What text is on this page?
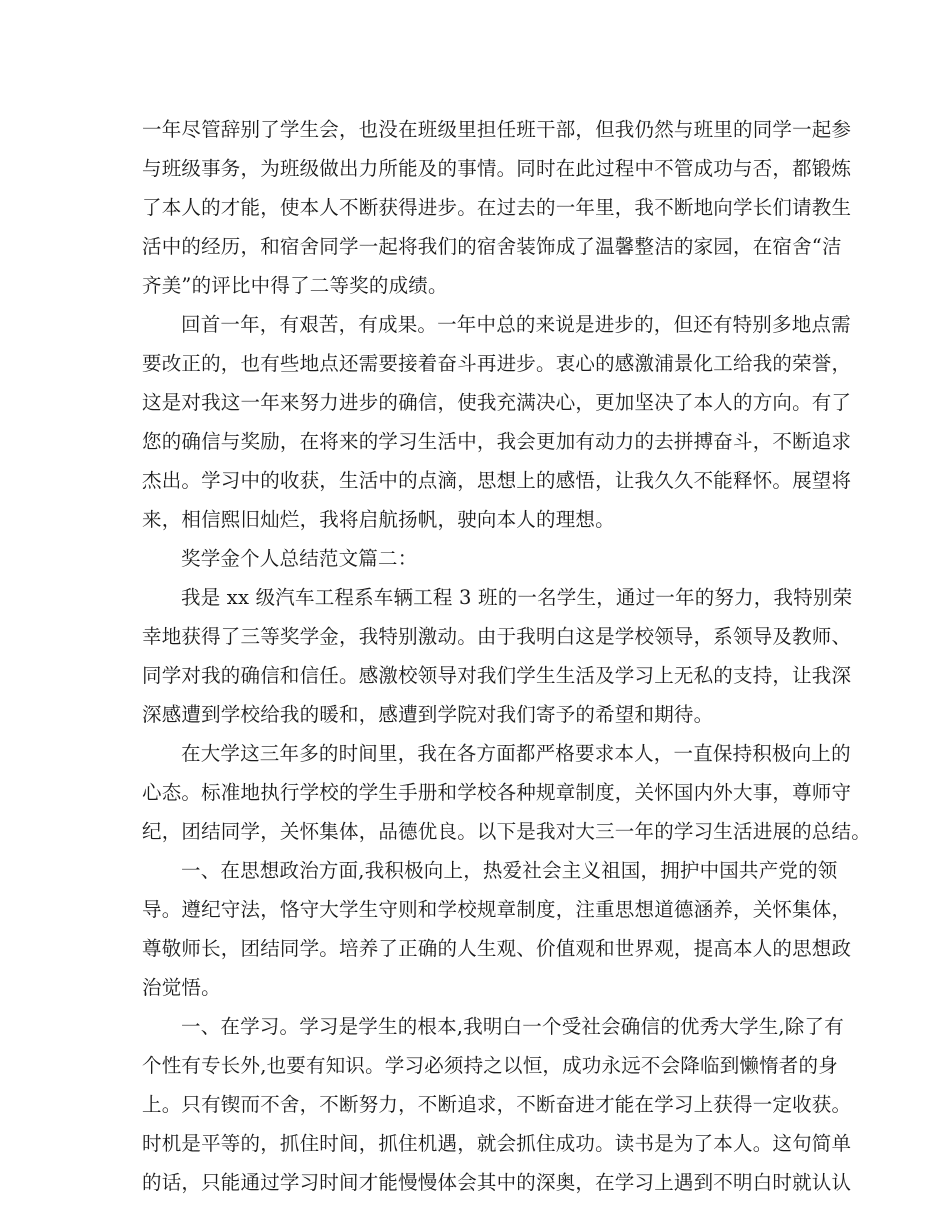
一年尽管辞别了学生会，也没在班级里担任班干部，但我仍然与班里的同学一起参
与班级事务，为班级做出力所能及的事情。同时在此过程中不管成功与否，都锻炼
了本人的才能，使本人不断获得进步。在过去的一年里，我不断地向学长们请教生
活中的经历，和宿舍同学一起将我们的宿舍装饰成了温馨整洁的家园，在宿舍“洁
齐美”的评比中得了二等奖的成绩。
回首一年，有艰苦，有成果。一年中总的来说是进步的，但还有特别多地点需
要改正的，也有些地点还需要接着奋斗再进步。衷心的感激浦景化工给我的荣誉，
这是对我这一年来努力进步的确信，使我充满决心，更加坚决了本人的方向。有了
您的确信与奖励，在将来的学习生活中，我会更加有动力的去拼搏奋斗，不断追求
杰出。学习中的收获，生活中的点滴，思想上的感悟，让我久久不能释怀。展望将
来，相信熙旧灿烂，我将启航扬帆，驶向本人的理想。
奖学金个人总结范文篇二：
我是 xx 级汽车工程系车辆工程 3 班的一名学生，通过一年的努力，我特别荣
幸地获得了三等奖学金，我特别激动。由于我明白这是学校领导，系领导及教师、
同学对我的确信和信任。感激校领导对我们学生生活及学习上无私的支持，让我深
深感遭到学校给我的暖和，感遭到学院对我们寄予的希望和期待。
在大学这三年多的时间里，我在各方面都严格要求本人，一直保持积极向上的
心态。标准地执行学校的学生手册和学校各种规章制度，关怀国内外大事，尊师守
纪，团结同学，关怀集体，品德优良。以下是我对大三一年的学习生活进展的总结。
一、在思想政治方面,我积极向上，热爱社会主义祖国，拥护中国共产党的领
导。遵纪守法，恪守大学生守则和学校规章制度，注重思想道德涵养，关怀集体，
尊敬师长，团结同学。培养了正确的人生观、价值观和世界观，提高本人的思想政
治觉悟。
一、在学习。学习是学生的根本,我明白一个受社会确信的优秀大学生,除了有
个性有专长外,也要有知识。学习必须持之以恒，成功永远不会降临到懒惰者的身
上。只有锲而不舍，不断努力，不断追求，不断奋进才能在学习上获得一定收获。
时机是平等的，抓住时间，抓住机遇，就会抓住成功。读书是为了本人。这句简单
的话，只能通过学习时间才能慢慢体会其中的深奥，在学习上遇到不明白时就认认
